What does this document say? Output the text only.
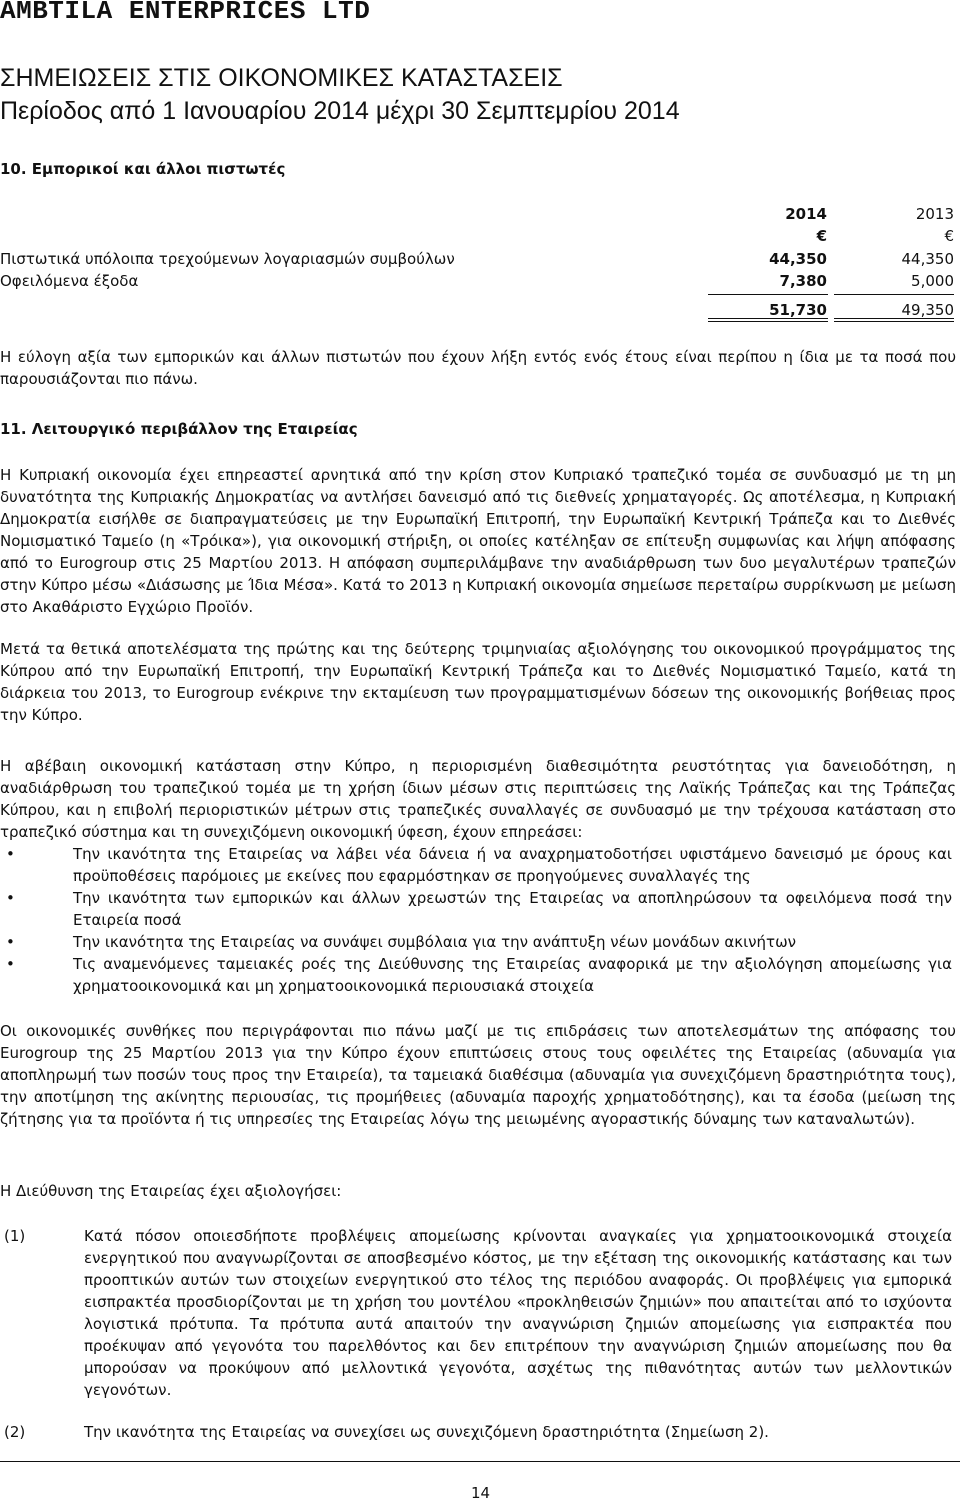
AMBTILA ENTERPRICES LTD
ΣΗΜΕΙΩΣΕΙΣ ΣΤΙΣ ΟΙΚΟΝΟΜΙΚΕΣ ΚΑΤΑΣΤΑΣΕΙΣ
Περίοδος από 1 Ιανουαρίου 2014 μέχρι 30 Σεμπτεμρίου 2014
10. Εμπορικοί και άλλοι πιστωτές
2014	2013
€	€
Πιστωτικά υπόλοιπα τρεχούμενων λογαριασμών συμβούλων	44,350	44,350
Οφειλόμενα έξοδα	7,380	5,000
51,730	49,350

Η εύλογη αξία των εμπορικών και άλλων πιστωτών που έχουν λήξη εντός ενός έτους είναι περίπου η ίδια με τα ποσά που παρουσιάζονται πιο πάνω.

11. Λειτουργικό περιβάλλον της Εταιρείας

Η Κυπριακή οικονομία έχει επηρεαστεί αρνητικά από την κρίση στον Κυπριακό τραπεζικό τομέα σε συνδυασμό με τη μη δυνατότητα της Κυπριακής Δημοκρατίας να αντλήσει δανεισμό από τις διεθνείς χρηματαγορές. Ως αποτέλεσμα, η Κυπριακή Δημοκρατία εισήλθε σε διαπραγματεύσεις με την Ευρωπαϊκή Επιτροπή, την Ευρωπαϊκή Κεντρική Τράπεζα και το Διεθνές Νομισματικό Ταμείο (η «Τρόικα»), για οικονομική στήριξη, οι οποίες κατέληξαν σε επίτευξη συμφωνίας και λήψη απόφασης από το Eurogroup στις 25 Μαρτίου 2013. Η απόφαση συμπεριλάμβανε την αναδιάρθρωση των δυο μεγαλυτέρων τραπεζών στην Κύπρο μέσω «Διάσωσης με Ίδια Μέσα». Κατά το 2013 η Κυπριακή οικονομία σημείωσε περεταίρω συρρίκνωση με μείωση στο Ακαθάριστο Εγχώριο Προϊόν.

Μετά τα θετικά αποτελέσματα της πρώτης και της δεύτερης τριμηνιαίας αξιολόγησης του οικονομικού προγράμματος της Κύπρου από την Ευρωπαϊκή Επιτροπή, την Ευρωπαϊκή Κεντρική Τράπεζα και το Διεθνές Νομισματικό Ταμείο, κατά τη διάρκεια του 2013, το Eurogroup ενέκρινε την εκταμίευση των προγραμματισμένων δόσεων της οικονομικής βοήθειας προς την Κύπρο.

Η αβέβαιη οικονομική κατάσταση στην Κύπρο, η περιορισμένη διαθεσιμότητα ρευστότητας για δανειοδότηση, η αναδιάρθρωση του τραπεζικού τομέα με τη χρήση ίδιων μέσων στις περιπτώσεις της Λαϊκής Τράπεζας και της Τράπεζας Κύπρου, και η επιβολή περιοριστικών μέτρων στις τραπεζικές συναλλαγές σε συνδυασμό με την τρέχουσα κατάσταση στο τραπεζικό σύστημα και τη συνεχιζόμενη οικονομική ύφεση, έχουν επηρεάσει:

•	Την ικανότητα της Εταιρείας να λάβει νέα δάνεια ή να αναχρηματοδοτήσει υφιστάμενο δανεισμό με όρους και προϋποθέσεις παρόμοιες με εκείνες που εφαρμόστηκαν σε προηγούμενες συναλλαγές της
•	Την ικανότητα των εμπορικών και άλλων χρεωστών της Εταιρείας να αποπληρώσουν τα οφειλόμενα ποσά την Εταιρεία ποσά
•	Την ικανότητα της Εταιρείας να συνάψει συμβόλαια για την ανάπτυξη νέων μονάδων ακινήτων
•	Τις αναμενόμενες ταμειακές ροές της Διεύθυνσης της Εταιρείας αναφορικά με την αξιολόγηση απομείωσης για χρηματοοικονομικά και μη χρηματοοικονομικά περιουσιακά στοιχεία

Οι οικονομικές συνθήκες που περιγράφονται πιο πάνω μαζί με τις επιδράσεις των αποτελεσμάτων της απόφασης του Eurogroup της 25 Μαρτίου 2013 για την Κύπρο έχουν επιπτώσεις στους τους οφειλέτες της Εταιρείας (αδυναμία για αποπληρωμή των ποσών τους προς την Εταιρεία), τα ταμειακά διαθέσιμα (αδυναμία για συνεχιζόμενη δραστηριότητα τους), την αποτίμηση της ακίνητης περιουσίας, τις προμήθειες (αδυναμία παροχής χρηματοδότησης), και τα έσοδα (μείωση της ζήτησης για τα προϊόντα ή τις υπηρεσίες της Εταιρείας λόγω της μειωμένης αγοραστικής δύναμης των καταναλωτών).

Η Διεύθυνση της Εταιρείας έχει αξιολογήσει:

(1)	Κατά πόσον οποιεσδήποτε προβλέψεις απομείωσης κρίνονται αναγκαίες για χρηματοοικονομικά στοιχεία ενεργητικού που αναγνωρίζονται σε αποσβεσμένο κόστος, με την εξέταση της οικονομικής κατάστασης και των προοπτικών αυτών των στοιχείων ενεργητικού στο τέλος της περιόδου αναφοράς. Οι προβλέψεις για εμπορικά εισπρακτέα προσδιορίζονται με τη χρήση του μοντέλου «προκληθεισών ζημιών» που απαιτείται από το ισχύοντα λογιστικά πρότυπα. Τα πρότυπα αυτά απαιτούν την αναγνώριση ζημιών απομείωσης για εισπρακτέα που προέκυψαν από γεγονότα του παρελθόντος και δεν επιτρέπουν την αναγνώριση ζημιών απομείωσης που θα μπορούσαν να προκύψουν από μελλοντικά γεγονότα, ασχέτως της πιθανότητας αυτών των μελλοντικών γεγονότων.
(2)	Την ικανότητα της Εταιρείας να συνεχίσει ως συνεχιζόμενη δραστηριότητα (Σημείωση 2).
14
